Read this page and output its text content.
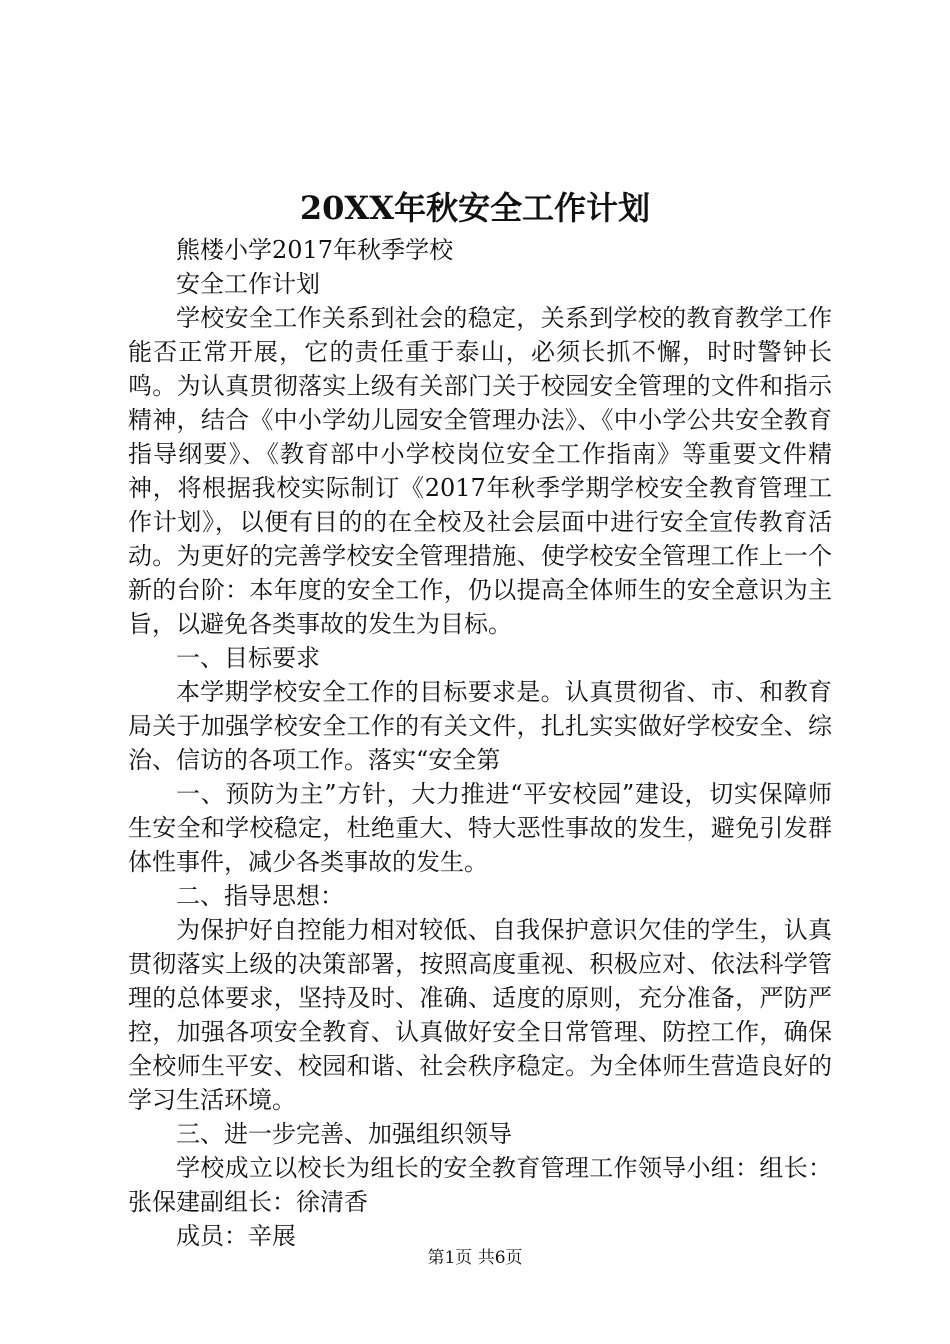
20XX年秋安全工作计划

熊楼小学2017年秋季学校

安全工作计划

学校安全工作关系到社会的稳定，关系到学校的教育教学工作能否正常开展，它的责任重于泰山，必须长抓不懈，时时警钟长鸣。为认真贯彻落实上级有关部门关于校园安全管理的文件和指示精神，结合《中小学幼儿园安全管理办法》、《中小学公共安全教育指导纲要》、《教育部中小学校岗位安全工作指南》等重要文件精神，将根据我校实际制订《2017年秋季学期学校安全教育管理工作计划》，以便有目的的在全校及社会层面中进行安全宣传教育活动。为更好的完善学校安全管理措施、使学校安全管理工作上一个新的台阶：本年度的安全工作，仍以提高全体师生的安全意识为主旨，以避免各类事故的发生为目标。

一、目标要求

本学期学校安全工作的目标要求是。认真贯彻省、市、和教育局关于加强学校安全工作的有关文件，扎扎实实做好学校安全、综治、信访的各项工作。落实“安全第

一、预防为主”方针，大力推进“平安校园”建设，切实保障师生安全和学校稳定，杜绝重大、特大恶性事故的发生，避免引发群体性事件，减少各类事故的发生。

二、指导思想：

为保护好自控能力相对较低、自我保护意识欠佳的学生，认真贯彻落实上级的决策部署，按照高度重视、积极应对、依法科学管理的总体要求，坚持及时、准确、适度的原则，充分准备，严防严控，加强各项安全教育、认真做好安全日常管理、防控工作，确保全校师生平安、校园和谐、社会秩序稳定。为全体师生营造良好的学习生活环境。

三、进一步完善、加强组织领导

学校成立以校长为组长的安全教育管理工作领导小组：组长：张保建副组长：徐清香

成员：辛展

第1页 共6页
